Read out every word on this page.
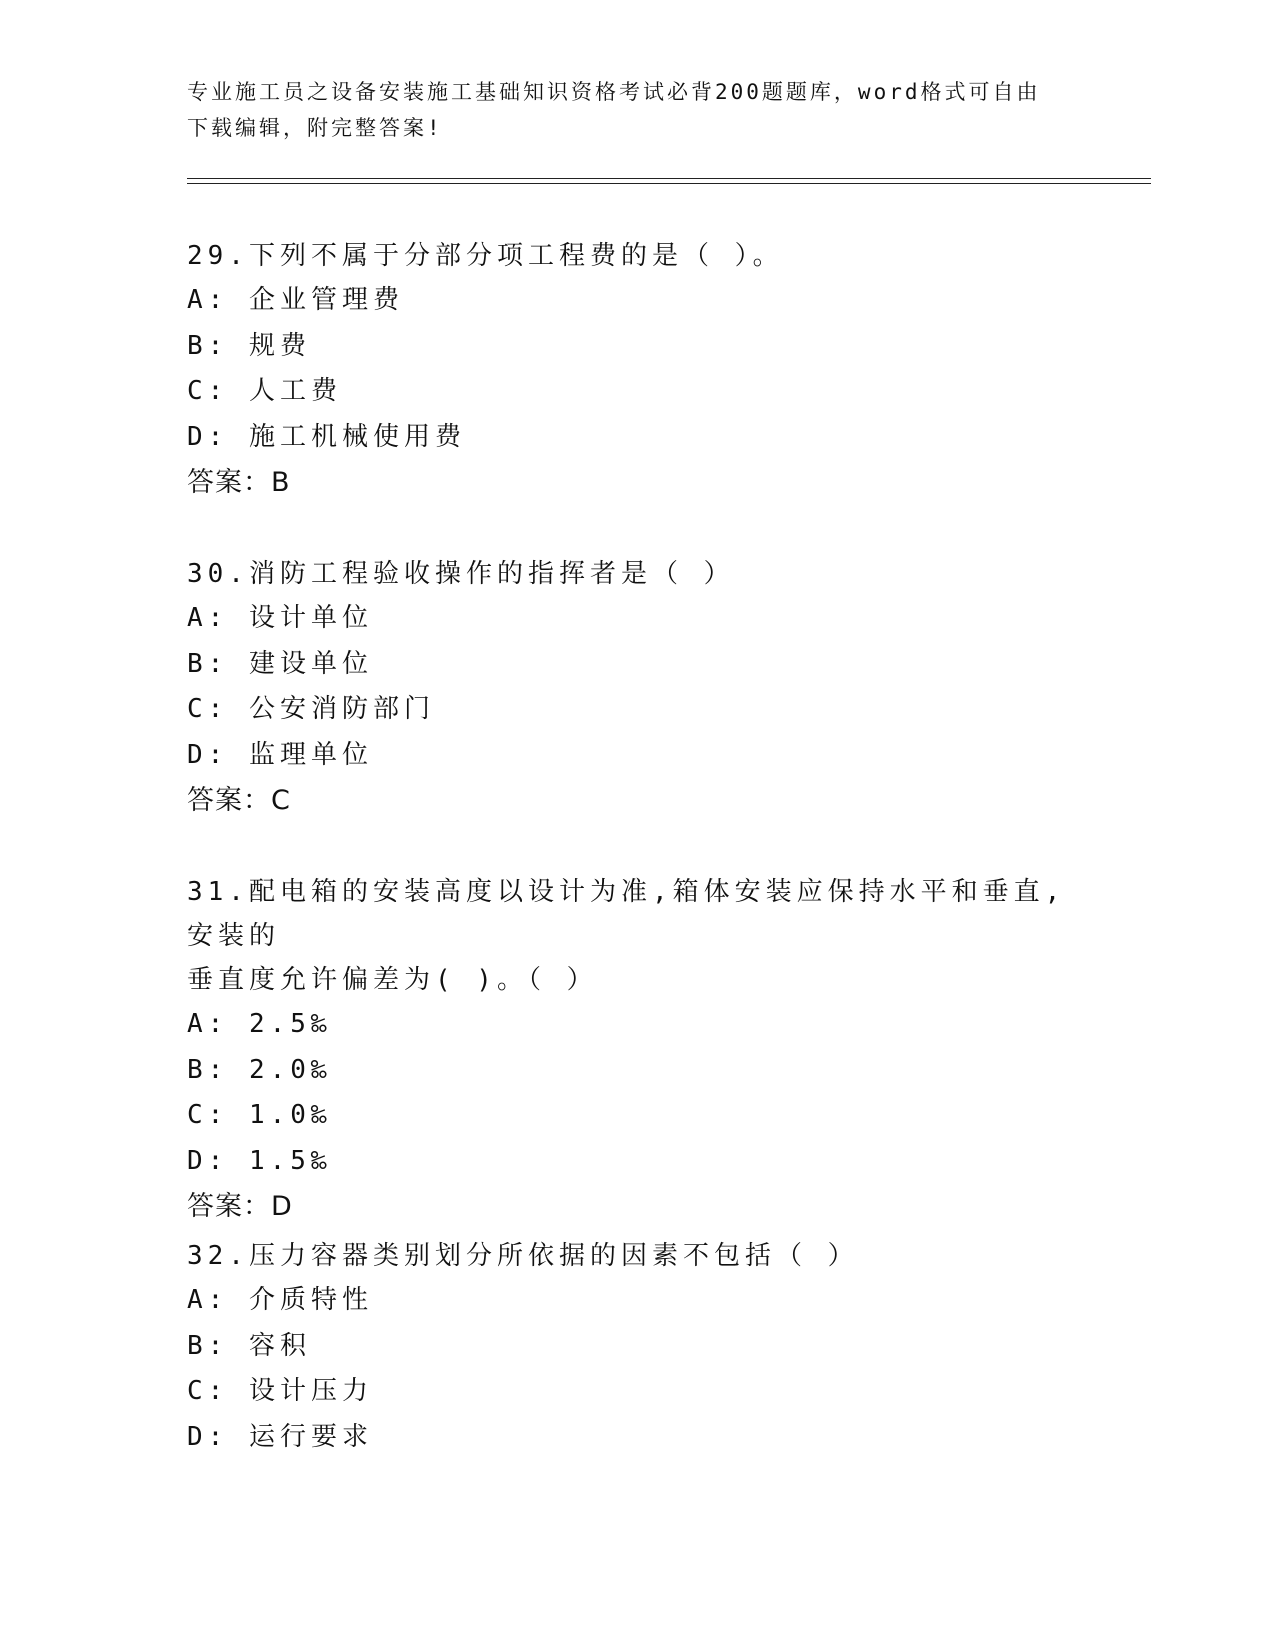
专业施工员之设备安装施工基础知识资格考试必背200题题库，word格式可自由
下载编辑，附完整答案!

29.下列不属于分部分项工程费的是（ ）。

A: 企业管理费

B: 规费

C: 人工费

D: 施工机械使用费

答案：B

30.消防工程验收操作的指挥者是（ ）

A: 设计单位

B: 建设单位

C: 公安消防部门

D: 监理单位

答案：C

31.配电箱的安装高度以设计为准,箱体安装应保持水平和垂直,安装的

垂直度允许偏差为( )。（ ）

A: 2.5‰

B: 2.0‰

C: 1.0‰

D: 1.5‰

答案：D

32.压力容器类别划分所依据的因素不包括（ ）

A: 介质特性

B: 容积

C: 设计压力

D: 运行要求
